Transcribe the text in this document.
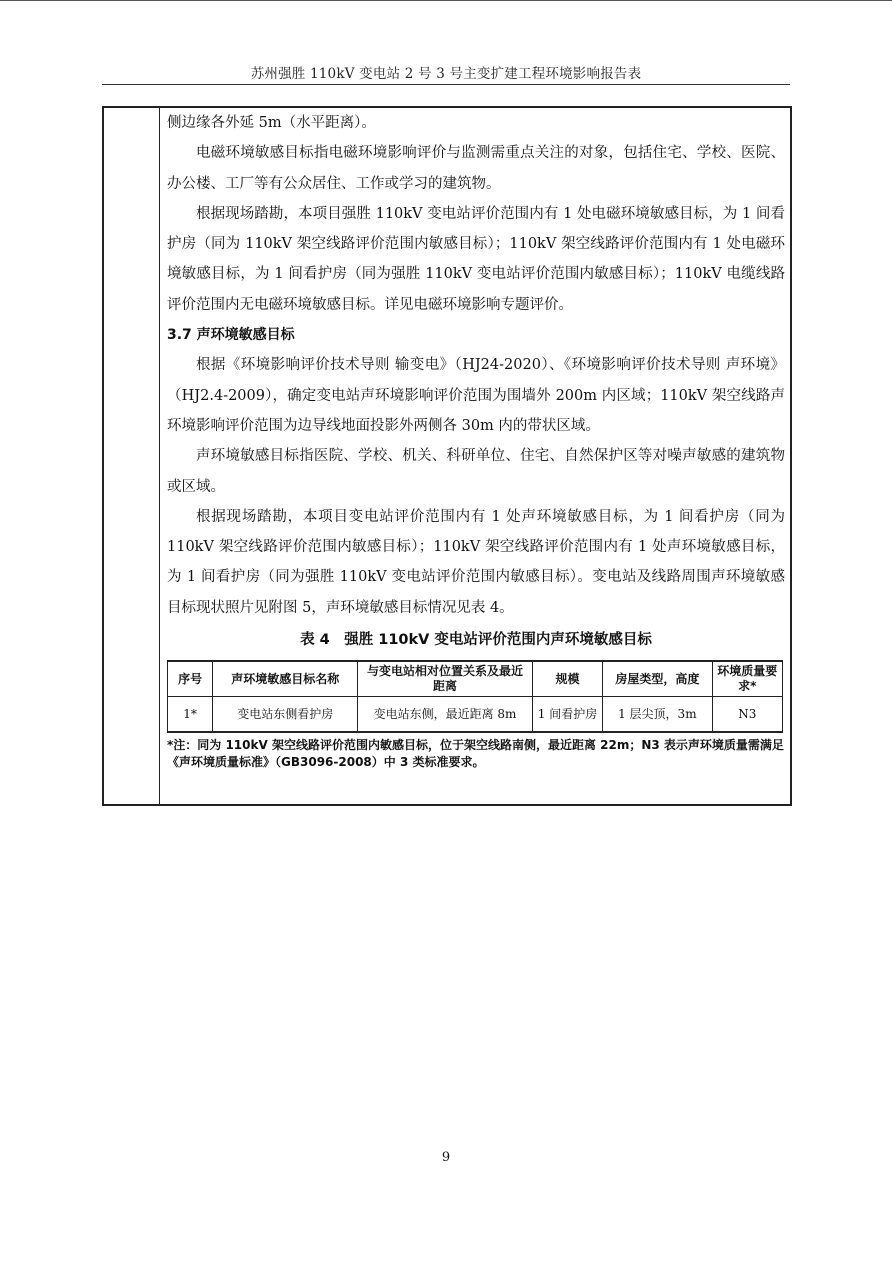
苏州强胜 110kV 变电站 2 号 3 号主变扩建工程环境影响报告表

侧边缘各外延 5m（水平距离）。

电磁环境敏感目标指电磁环境影响评价与监测需重点关注的对象，包括住宅、学校、医院、办公楼、工厂等有公众居住、工作或学习的建筑物。

根据现场踏勘，本项目强胜 110kV 变电站评价范围内有 1 处电磁环境敏感目标，为 1 间看护房（同为 110kV 架空线路评价范围内敏感目标）；110kV 架空线路评价范围内有 1 处电磁环境敏感目标，为 1 间看护房（同为强胜 110kV 变电站评价范围内敏感目标）；110kV 电缆线路评价范围内无电磁环境敏感目标。详见电磁环境影响专题评价。

3.7 声环境敏感目标

根据《环境影响评价技术导则 输变电》（HJ24-2020）、《环境影响评价技术导则 声环境》（HJ2.4-2009），确定变电站声环境影响评价范围为围墙外 200m 内区域；110kV 架空线路声环境影响评价范围为边导线地面投影外两侧各 30m 内的带状区域。

声环境敏感目标指医院、学校、机关、科研单位、住宅、自然保护区等对噪声敏感的建筑物或区域。

根据现场踏勘，本项目变电站评价范围内有 1 处声环境敏感目标，为 1 间看护房（同为 110kV 架空线路评价范围内敏感目标）；110kV 架空线路评价范围内有 1 处声环境敏感目标，为 1 间看护房（同为强胜 110kV 变电站评价范围内敏感目标）。变电站及线路周围声环境敏感目标现状照片见附图 5，声环境敏感目标情况见表 4。

表 4　强胜 110kV 变电站评价范围内声环境敏感目标
序号	声环境敏感目标名称	与变电站相对位置关系及最近距离	规模	房屋类型，高度	环境质量要求*
1*	变电站东侧看护房	变电站东侧，最近距离 8m	1 间看护房	1 层尖顶，3m	N3
*注：同为 110kV 架空线路评价范围内敏感目标，位于架空线路南侧，最近距离 22m；N3 表示声环境质量需满足《声环境质量标准》（GB3096-2008）中 3 类标准要求。
9
